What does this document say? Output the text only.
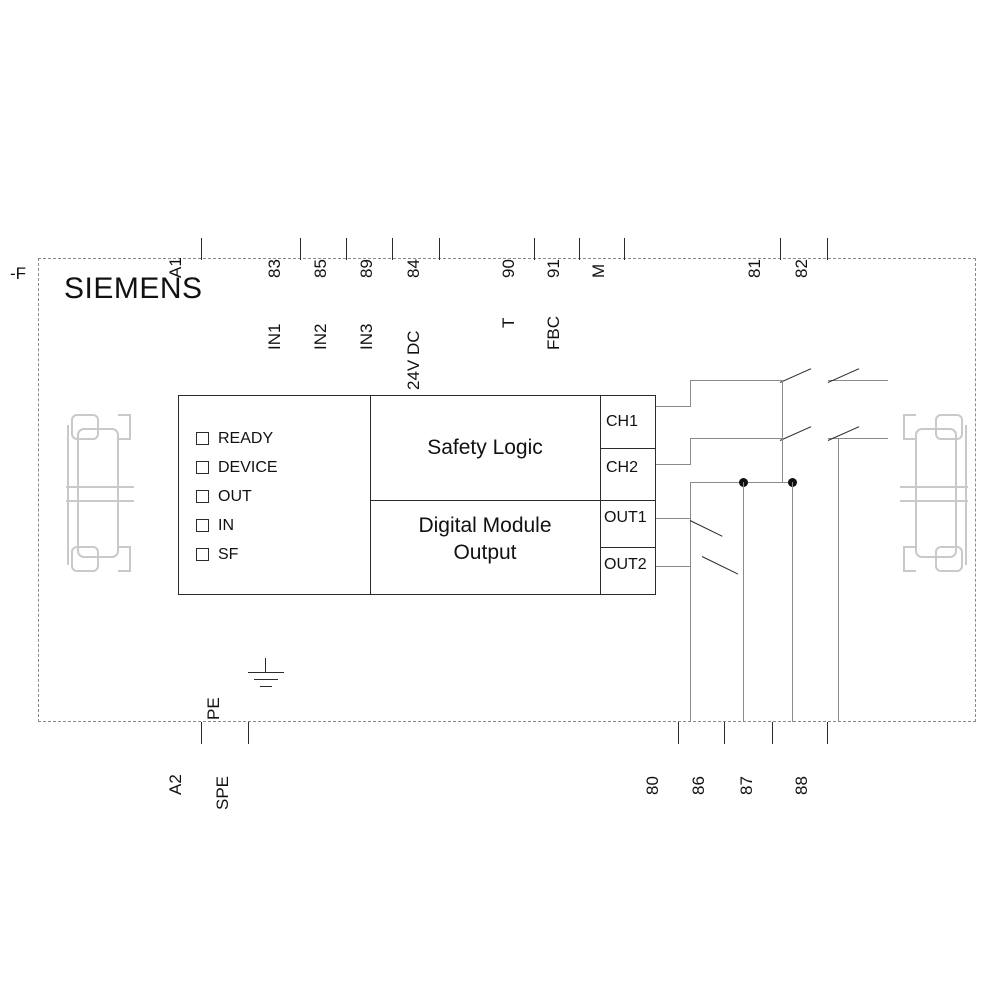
-F SIEMENS
A1	83
IN1
85
IN2
89
IN3
84
24V DC
90
T
91
FBC
M	81 82
A2 SPE	80 86 87 88
Safety Logic
Digital Module
Output
CH1
CH2
OUT1
OUT2
READY
DEVICE
OUT
IN
SF
PE
